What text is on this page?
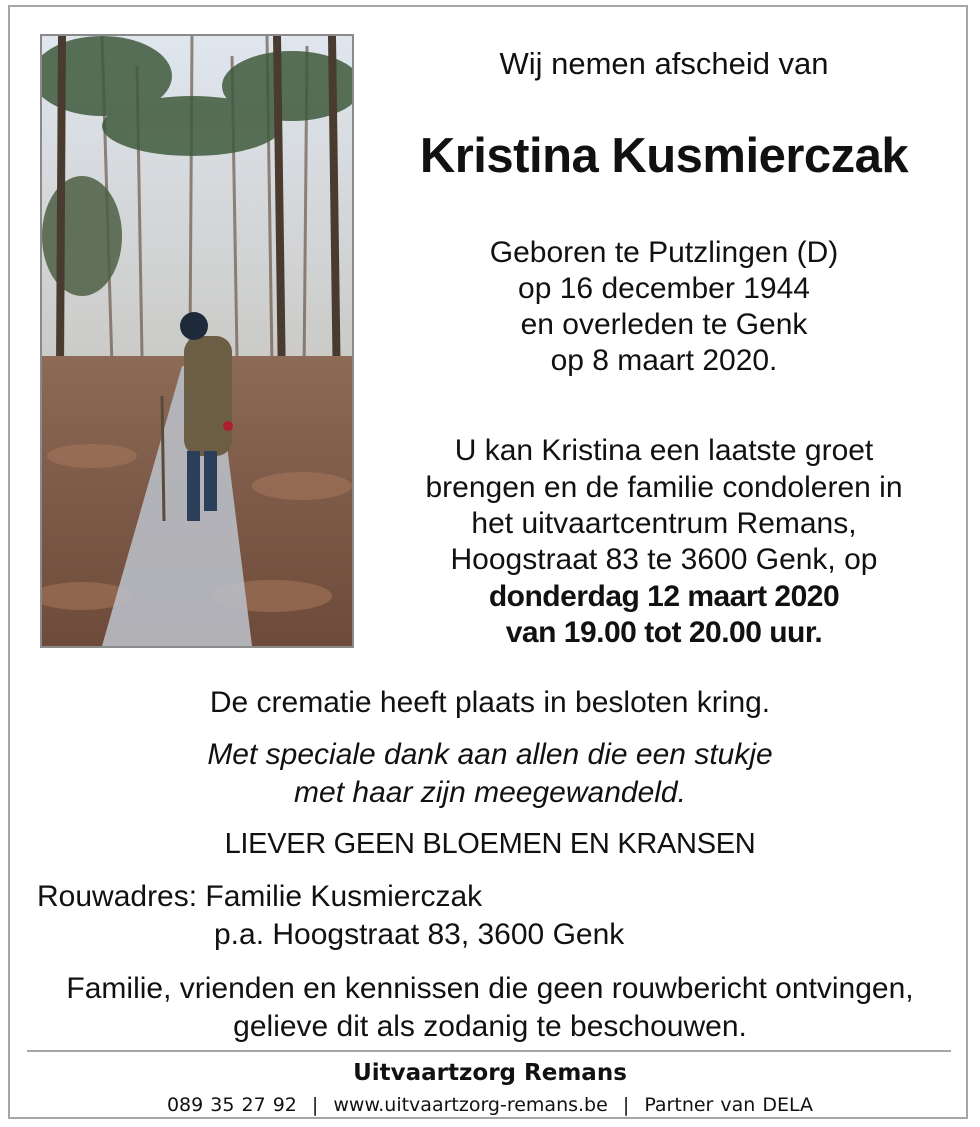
Wij nemen afscheid van
Kristina Kusmierczak
Geboren te Putzlingen (D)
op 16 december 1944
en overleden te Genk
op 8 maart 2020.
U kan Kristina een laatste groet
brengen en de familie condoleren in
het uitvaartcentrum Remans,
Hoogstraat 83 te 3600 Genk, op
donderdag 12 maart 2020
van 19.00 tot 20.00 uur.
De crematie heeft plaats in besloten kring.
Met speciale dank aan allen die een stukje
met haar zijn meegewandeld.
LIEVER GEEN BLOEMEN EN KRANSEN
Rouwadres: Familie Kusmierczak
p.a. Hoogstraat 83, 3600 Genk
Familie, vrienden en kennissen die geen rouwbericht ontvingen,
gelieve dit als zodanig te beschouwen.
Uitvaartzorg Remans
089 35 27 92 | www.uitvaartzorg-remans.be | Partner van DELA
